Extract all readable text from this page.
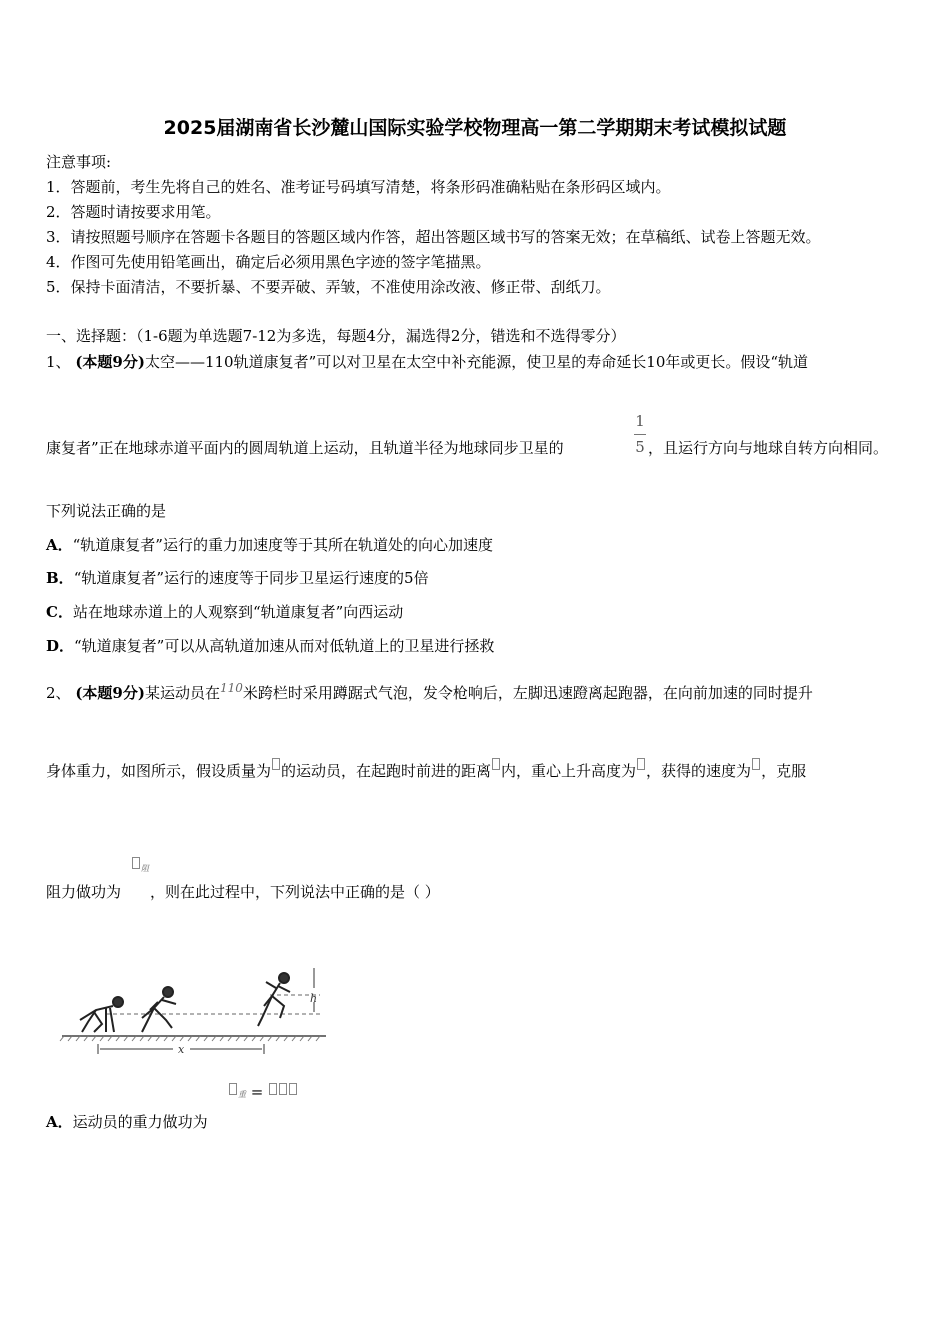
2025届湖南省长沙麓山国际实验学校物理高一第二学期期末考试模拟试题
注意事项:
1．答题前，考生先将自己的姓名、准考证号码填写清楚，将条形码准确粘贴在条形码区域内。
2．答题时请按要求用笔。
3．请按照题号顺序在答题卡各题目的答题区域内作答，超出答题区域书写的答案无效；在草稿纸、试卷上答题无效。
4．作图可先使用铅笔画出，确定后必须用黑色字迹的签字笔描黑。
5．保持卡面清洁，不要折暴、不要弄破、弄皱，不准使用涂改液、修正带、刮纸刀。
一、选择题：（1-6题为单选题7-12为多选，每题4分，漏选得2分，错选和不选得零分）
1、 (本题9分)太空——110轨道康复者”可以对卫星在太空中补充能源，使卫星的寿命延长10年或更长。假设“轨道
1
5
康复者”正在地球赤道平面内的圆周轨道上运动，且轨道半径为地球同步卫星的	，且运行方向与地球自转方向相同。
下列说法正确的是
A．“轨道康复者”运行的重力加速度等于其所在轨道处的向心加速度
B．“轨道康复者”运行的速度等于同步卫星运行速度的5倍
C．站在地球赤道上的人观察到“轨道康复者”向西运动
D．“轨道康复者”可以从高轨道加速从而对低轨道上的卫星进行拯救
2、 (本题9分)某运动员在$^{110}$米跨栏时采用蹲踞式气泡，发令枪响后，左脚迅速蹬离起跑器，在向前加速的同时提升
身体重力，如图所示，假设质量为 的运动员，在起跑时前进的距离 内，重心上升高度为 ，获得的速度为 ，克服
阻
阻力做功为 ，则在此过程中，下列说法中正确的是（ ）
h
x
重 =
A．运动员的重力做功为
